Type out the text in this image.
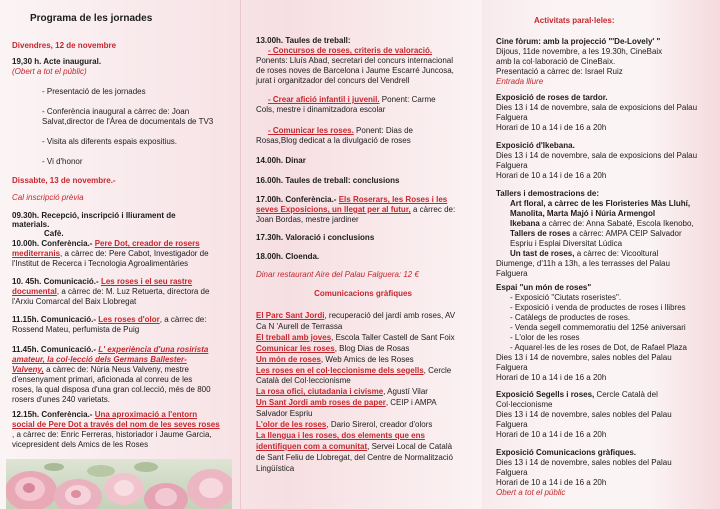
Programa de les jornades
Divendres, 12 de novembre
19,30 h. Acte inaugural.
(Obert a tot el públic)
- Presentació de les jornades
- Conferència inaugural a càrrec de: Joan
Salvat,director de l'Àrea de documentals de TV3
- Visita als diferents espais expositius.
- Vi d'honor
Dissabte, 13 de novembre.-
Cal inscripció prèvia
09.30h. Recepció, inscripció i lliurament de
materials.
Cafè.
10.00h. Conferència.- Pere Dot, creador de rosers
mediterranis, a càrrec de: Pere Cabot, Investigador de
l'Institut de Recerca i Tecnologia Agroalimentàries
10. 45h. Comunicació.- Les roses i el seu rastre
documental, a càrrec de: M. Luz Retuerta, directora de
l'Arxiu Comarcal del Baix Llobregat
11.15h. Comunicació.- Les roses d'olor, a càrrec de:
Rossend Mateu, perfumista de Puig
11.45h. Comunicació.- L' experiència d'una rosirista
amateur, la col·lecció dels Germans Ballester-
Valveny, a càrrec de: Núria Neus Valveny, mestre
d'ensenyament primari, aficionada al conreu de les
roses, la qual disposa d'una gran col.lecció, més de 800
rosers d'unes 240 varietats.
12.15h. Conferència.- Una aproximació a l'entorn
social de Pere Dot a través del nom de les seves roses
, a càrrec de: Enric Ferreras, historiador i Jaume Garcia,
vicepresident dels Amics de les Roses
13.00h. Taules de treball:
- Concursos de roses, criteris de valoració.
Ponents: Lluís Abad, secretari del concurs internacional
de roses noves de Barcelona i Jaume Escarré Juncosa,
jurat i organitzador del concurs del Vendrell
- Crear afició infantil i juvenil. Ponent: Carme
Cols, mestre i dinamitzadora escolar
- Comunicar les roses. Ponent: Dias de
Rosas,Blog dedicat a la divulgació de roses
14.00h. Dinar
16.00h. Taules de treball: conclusions
17.00h. Conferència.- Els Roserars, les Roses i les
seves Exposicions, un llegat per al futur, a càrrec de:
Joan Bordas, mestre jardiner
17.30h. Valoració i conclusions
18.00h. Cloenda.
Dinar restaurant Aire del Palau Falguera: 12 €
Comunicacions gràfiques
El Parc Sant Jordi, recuperació del jardí amb roses, AV
Ca N 'Aurell de Terrassa
El treball amb joves, Escola Taller Castell de Sant Foix
Comunicar les roses, Blog Dias de Rosas
Un món de roses, Web Amics de les Roses
Les roses en el col·leccionisme dels segells, Cercle
Català del Col·leccionisme
La rosa ofici, ciutadania i civisme, Agustí Vilar
Un Sant Jordi amb roses de paper, CEIP i AMPA
Salvador Espriu
L'olor de les roses, Dario Sirerol, creador d'olors
La llengua i les roses, dos elements que ens
identifiquen com a comunitat, Servei Local de Català
de Sant Feliu de Llobregat, del Centre de Normalització
Lingüística
Activitats paral·leles:
Cine fòrum: amb la projecció "'De-Lovely' "
Dijous, 11de novembre, a les 19.30h, CineBaix
amb la col·laboració de CineBaix.
Presentació a càrrec de: Israel Ruiz
Entrada lliure
Exposició de roses de tardor.
Dies 13 i 14 de novembre, sala de exposicions del Palau
Falguera
Horari de 10 a 14 i de 16 a 20h
Exposició d'Ikebana.
Dies 13 i 14 de novembre, sala de exposicions del Palau
Falguera
Horari de 10 a 14 i de 16 a 20h
Tallers i demostracions de:

Art floral, a càrrec de les Floristeries Màs Lluhí,
Manolita, Marta Majó i Núria Armengol
Ikebana a càrrec de: Anna Sabaté, Escola Ikenobo,
Tallers de roses a càrrec: AMPA CEIP Salvador
Espriu i Esplai Diversitat Lúdica
Un tast de roses, a càrrec de: Vicooltural
Diumenge, d'11h a 13h, a les terrasses del Palau
Falguera
Espai "un món de roses"

- Exposició "Ciutats roseristes".
- Exposició i venda de productes de roses i llibres
- Catàlegs de productes de roses.
- Venda segell commemoratiu del 125è aniversari
- L'olor de les roses
- Aquarel·les de les roses de Dot, de Rafael Plaza
Dies 13 i 14 de novembre, sales nobles del Palau
Falguera
Horari de 10 a 14 i de 16 a 20h
Exposició Segells i roses, Cercle Català del
Col·leccionisme
Dies 13 i 14 de novembre, sales nobles del Palau
Falguera
Horari de 10 a 14 i de 16 a 20h
Exposició Comunicacions gràfiques.
Dies 13 i 14 de novembre, sales nobles del Palau
Falguera
Horari de 10 a 14 i de 16 a 20h
Obert a tot el públic
